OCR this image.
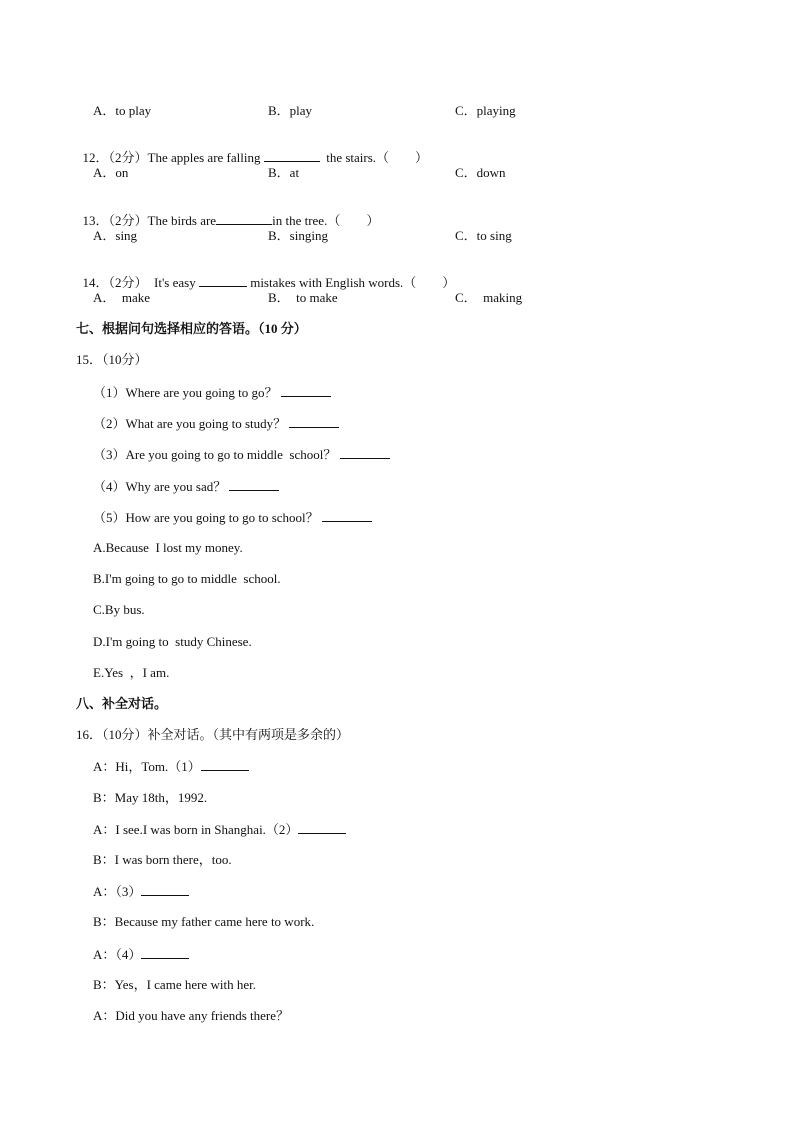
A．to play	B．play	C．playing

12．（2分）The apples are falling	the stairs.（　　）

A．on	B．at	C．down

13．（2分）The birds are	in the tree.（　　）

A．sing	B．singing	C．to sing

14．（2分）  It's easy	mistakes with English words.（　　）

A．  make	B．  to make	C．  making
七、根据问句选择相应的答语。（10 分）
15．（10分）
（1）Where are you going to go？
（2）What are you going to study？
（3）Are you going to go to middle  school？
（4）Why are you sad？
（5）How are you going to go to school？
A.Because  I lost my money.
B.I'm going to go to middle  school.
C.By bus.
D.I'm going to  study Chinese.
E.Yes  ，I am.
八、补全对话。
16．（10分）补全对话。（其中有两项是多余的）
A：Hi，Tom.（1）
B：May 18th，1992.
A：I see.I was born in Shanghai.（2）
B：I was born there，too.
A：（3）
B：Because my father came here to work.
A：（4）
B：Yes，I came here with her.
A：Did you have any friends there？
